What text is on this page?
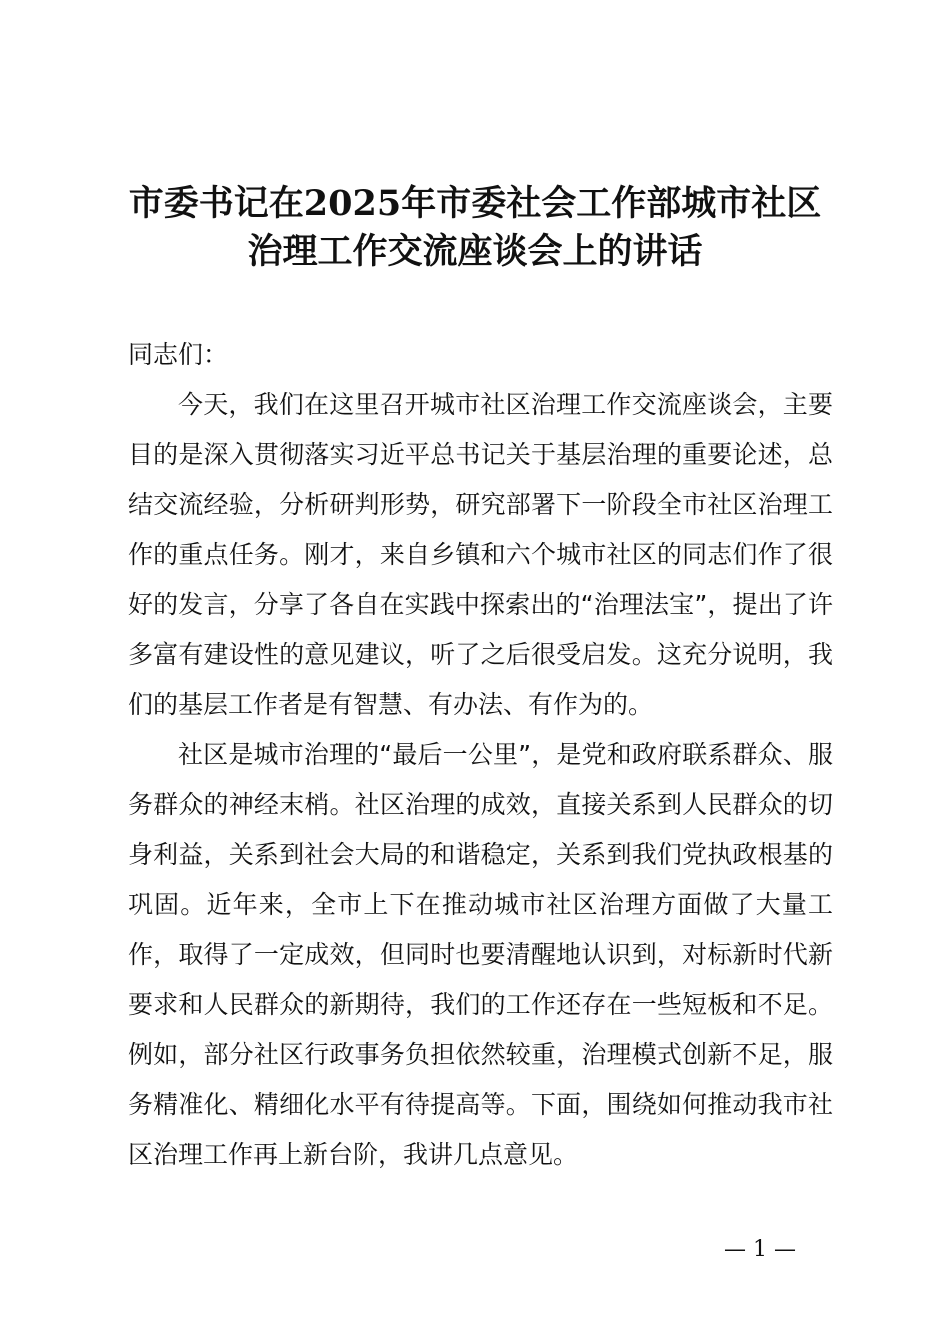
市委书记在2025年市委社会工作部城市社区
治理工作交流座谈会上的讲话

同志们：

今天，我们在这里召开城市社区治理工作交流座谈会，主要目的是深入贯彻落实习近平总书记关于基层治理的重要论述，总结交流经验，分析研判形势，研究部署下一阶段全市社区治理工作的重点任务。刚才，来自乡镇和六个城市社区的同志们作了很好的发言，分享了各自在实践中探索出的“治理法宝”，提出了许多富有建设性的意见建议，听了之后很受启发。这充分说明，我们的基层工作者是有智慧、有办法、有作为的。

社区是城市治理的“最后一公里”，是党和政府联系群众、服务群众的神经末梢。社区治理的成效，直接关系到人民群众的切身利益，关系到社会大局的和谐稳定，关系到我们党执政根基的巩固。近年来，全市上下在推动城市社区治理方面做了大量工作，取得了一定成效，但同时也要清醒地认识到，对标新时代新要求和人民群众的新期待，我们的工作还存在一些短板和不足。例如，部分社区行政事务负担依然较重，治理模式创新不足，服务精准化、精细化水平有待提高等。下面，围绕如何推动我市社区治理工作再上新台阶，我讲几点意见。

— 1 —
